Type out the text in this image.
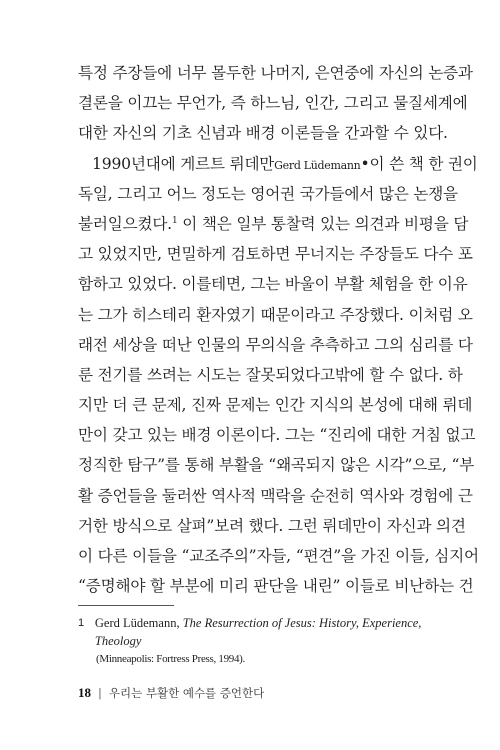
특정 주장들에 너무 몰두한 나머지, 은연중에 자신의 논증과
결론을 이끄는 무언가, 즉 하느님, 인간, 그리고 물질세계에
대한 자신의 기초 신념과 배경 이론들을 간과할 수 있다.
1990년대에 게르트 뤼데만Gerd Lüdemann•이 쓴 책 한 권이
독일, 그리고 어느 정도는 영어권 국가들에서 많은 논쟁을
불러일으켰다.$^1$ 이 책은 일부 통찰력 있는 의견과 비평을 담
고 있었지만, 면밀하게 검토하면 무너지는 주장들도 다수 포
함하고 있었다. 이를테면, 그는 바울이 부활 체험을 한 이유
는 그가 히스테리 환자였기 때문이라고 주장했다. 이처럼 오
래전 세상을 떠난 인물의 무의식을 추측하고 그의 심리를 다
룬 전기를 쓰려는 시도는 잘못되었다고밖에 할 수 없다. 하
지만 더 큰 문제, 진짜 문제는 인간 지식의 본성에 대해 뤼데
만이 갖고 있는 배경 이론이다. 그는 “진리에 대한 거침 없고
정직한 탐구”를 통해 부활을 “왜곡되지 않은 시각”으로, “부
활 증언들을 둘러싼 역사적 맥락을 순전히 역사와 경험에 근
거한 방식으로 살펴”보려 했다. 그런 뤼데만이 자신과 의견
이 다른 이들을 “교조주의”자들, “편견”을 가진 이들, 심지어
“증명해야 할 부분에 미리 판단을 내린” 이들로 비난하는 건
1 Gerd Lüdemann, The Resurrection of Jesus: History, Experience, Theology
(Minneapolis: Fortress Press, 1994).
18 | 우리는 부활한 예수를 증언한다
